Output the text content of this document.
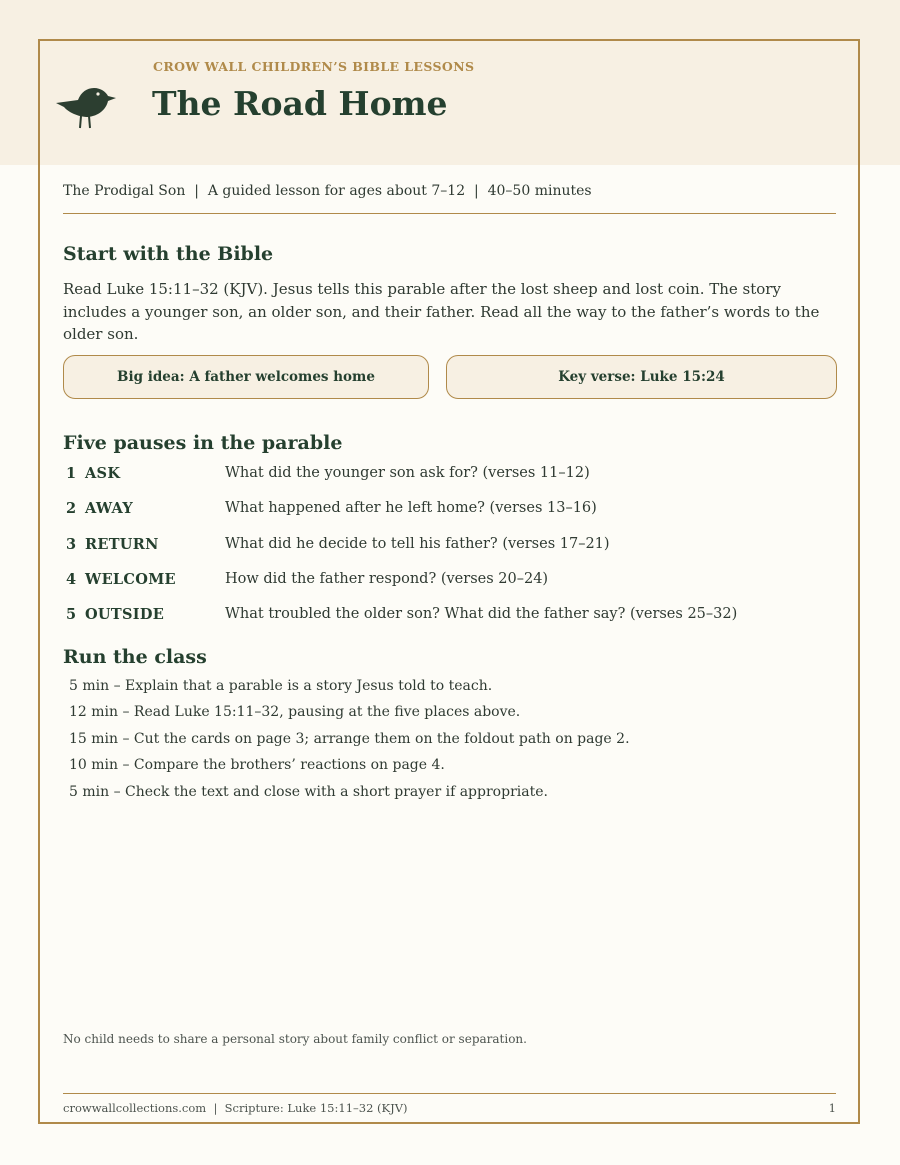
CROW WALL CHILDREN’S BIBLE LESSONS
The Road Home
The Prodigal Son  |  A guided lesson for ages about 7–12  |  40–50 minutes
Start with the Bible

Read Luke 15:11–32 (KJV). Jesus tells this parable after the lost sheep and lost coin. The story includes a younger son, an older son, and their father. Read all the way to the father’s words to the older son.

Big idea: A father welcomes home	Key verse: Luke 15:24
Five pauses in the parable
1 ASK	What did the younger son ask for? (verses 11–12)
2 AWAY	What happened after he left home? (verses 13–16)
3 RETURN	What did he decide to tell his father? (verses 17–21)
4 WELCOME	How did the father respond? (verses 20–24)
5 OUTSIDE	What troubled the older son? What did the father say? (verses 25–32)
Run the class
5 min – Explain that a parable is a story Jesus told to teach.
12 min – Read Luke 15:11–32, pausing at the five places above.
15 min – Cut the cards on page 3; arrange them on the foldout path on page 2.
10 min – Compare the brothers’ reactions on page 4.
5 min – Check the text and close with a short prayer if appropriate.
No child needs to share a personal story about family conflict or separation.
crowwallcollections.com  |  Scripture: Luke 15:11–32 (KJV)	1
